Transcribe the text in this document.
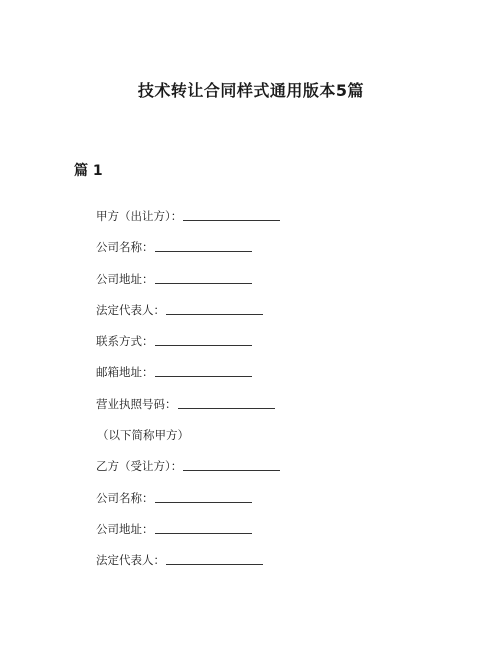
技术转让合同样式通用版本5篇
篇 1
甲方（出让方）：
公司名称：
公司地址：
法定代表人：
联系方式：
邮箱地址：
营业执照号码：
（以下简称甲方）
乙方（受让方）：
公司名称：
公司地址：
法定代表人：
